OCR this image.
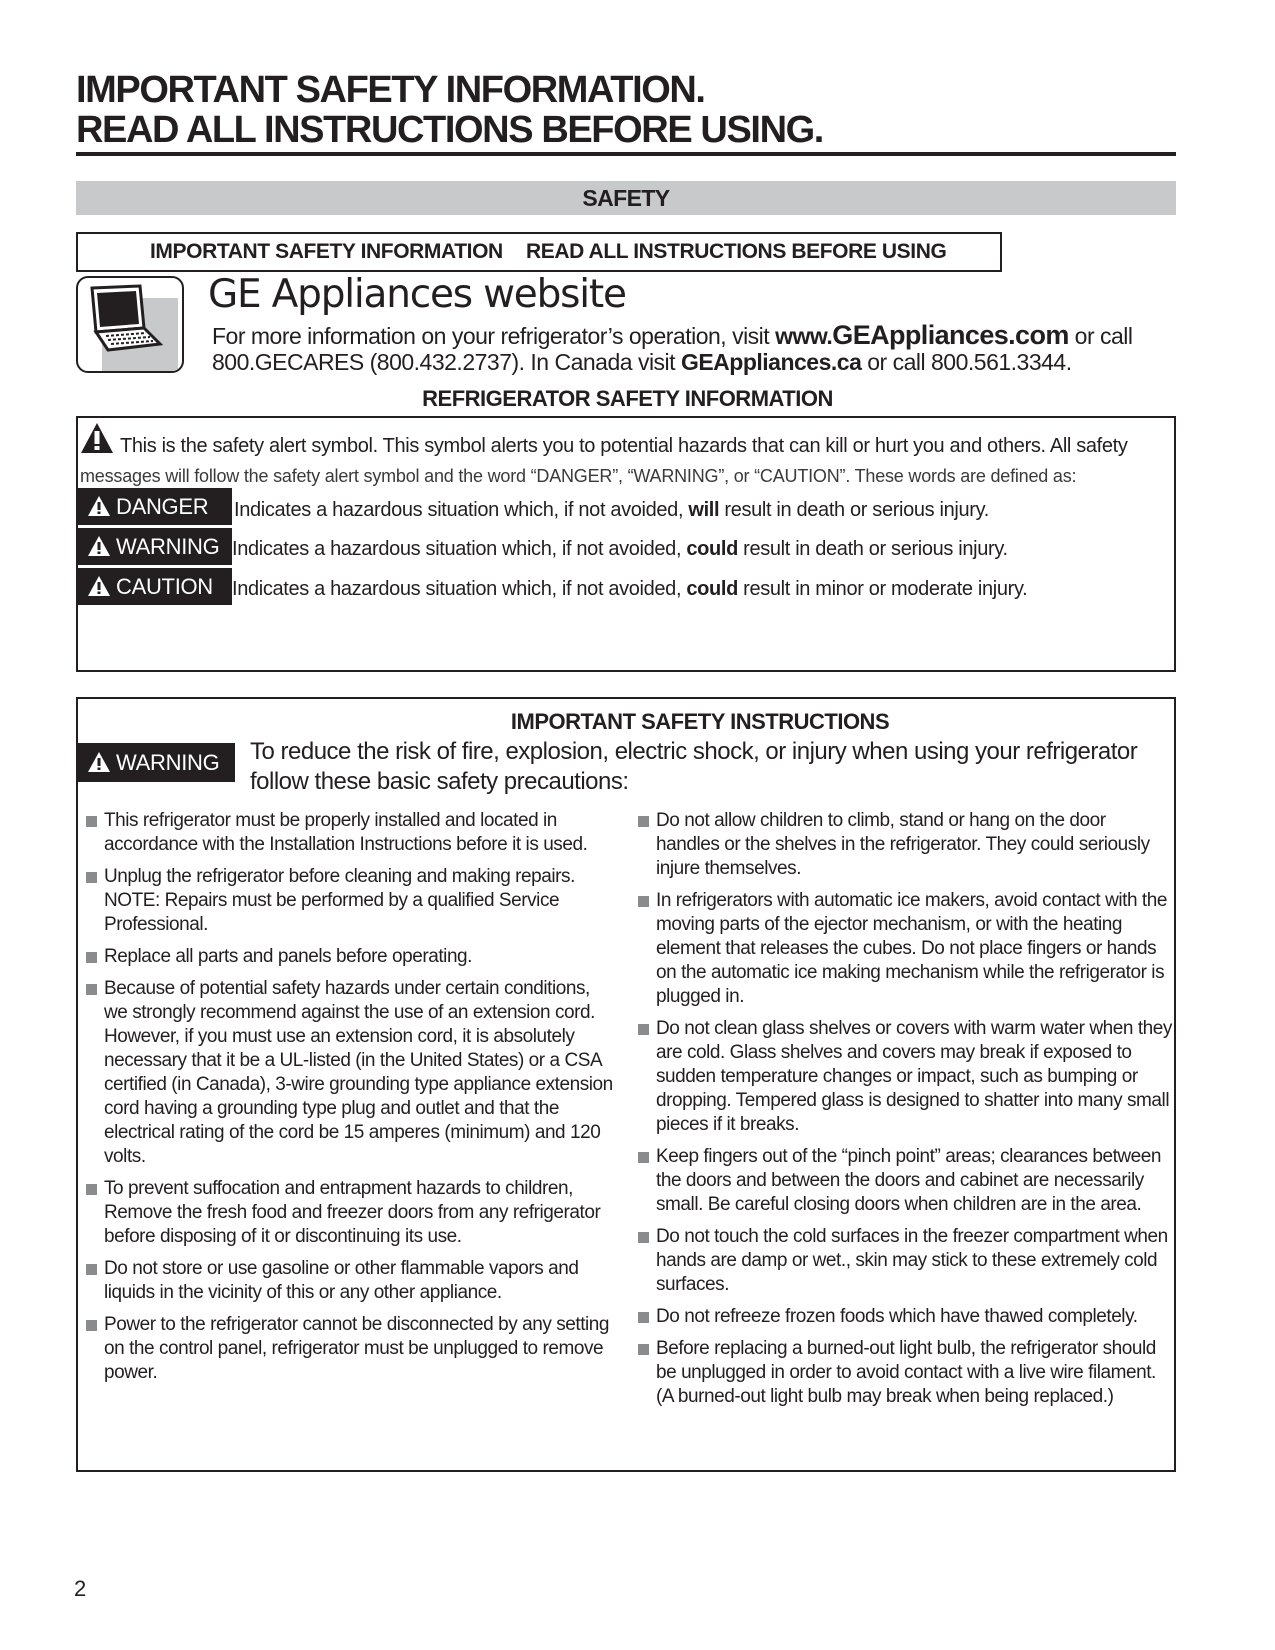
IMPORTANT SAFETY INFORMATION.
READ ALL INSTRUCTIONS BEFORE USING.
SAFETY
IMPORTANT SAFETY INFORMATION READ ALL INSTRUCTIONS BEFORE USING
GE Appliances website
For more information on your refrigerator’s operation, visit www.GEAppliances.com or call 800.GECARES (800.432.2737). In Canada visit GEAppliances.ca or call 800.561.3344.
REFRIGERATOR SAFETY INFORMATION
This is the safety alert symbol. This symbol alerts you to potential hazards that can kill or hurt you and others. All safety
messages will follow the safety alert symbol and the word “DANGER”, “WARNING”, or “CAUTION”. These words are defined as:
DANGER Indicates a hazardous situation which, if not avoided, will result in death or serious injury.
WARNING Indicates a hazardous situation which, if not avoided, could result in death or serious injury.
CAUTION Indicates a hazardous situation which, if not avoided, could result in minor or moderate injury.
IMPORTANT SAFETY INSTRUCTIONS
WARNING To reduce the risk of fire, explosion, electric shock, or injury when using your refrigerator follow these basic safety precautions:
This refrigerator must be properly installed and located in accordance with the Installation Instructions before it is used.
Unplug the refrigerator before cleaning and making repairs.
NOTE: Repairs must be performed by a qualified Service Professional.
Replace all parts and panels before operating.
Because of potential safety hazards under certain conditions, we strongly recommend against the use of an extension cord. However, if you must use an extension cord, it is absolutely necessary that it be a UL-listed (in the United States) or a CSA certified (in Canada), 3-wire grounding type appliance extension cord having a grounding type plug and outlet and that the electrical rating of the cord be 15 amperes (minimum) and 120 volts.
To prevent suffocation and entrapment hazards to children, Remove the fresh food and freezer doors from any refrigerator before disposing of it or discontinuing its use.
Do not store or use gasoline or other flammable vapors and liquids in the vicinity of this or any other appliance.
Power to the refrigerator cannot be disconnected by any setting on the control panel, refrigerator must be unplugged to remove power.
Do not allow children to climb, stand or hang on the door handles or the shelves in the refrigerator. They could seriously injure themselves.
In refrigerators with automatic ice makers, avoid contact with the moving parts of the ejector mechanism, or with the heating element that releases the cubes. Do not place fingers or hands on the automatic ice making mechanism while the refrigerator is plugged in.
Do not clean glass shelves or covers with warm water when they are cold. Glass shelves and covers may break if exposed to sudden temperature changes or impact, such as bumping or dropping. Tempered glass is designed to shatter into many small pieces if it breaks.
Keep fingers out of the “pinch point” areas; clearances between the doors and between the doors and cabinet are necessarily small. Be careful closing doors when children are in the area.
Do not touch the cold surfaces in the freezer compartment when hands are damp or wet., skin may stick to these extremely cold surfaces.
Do not refreeze frozen foods which have thawed completely.
Before replacing a burned-out light bulb, the refrigerator should be unplugged in order to avoid contact with a live wire filament. (A burned-out light bulb may break when being replaced.)
2
